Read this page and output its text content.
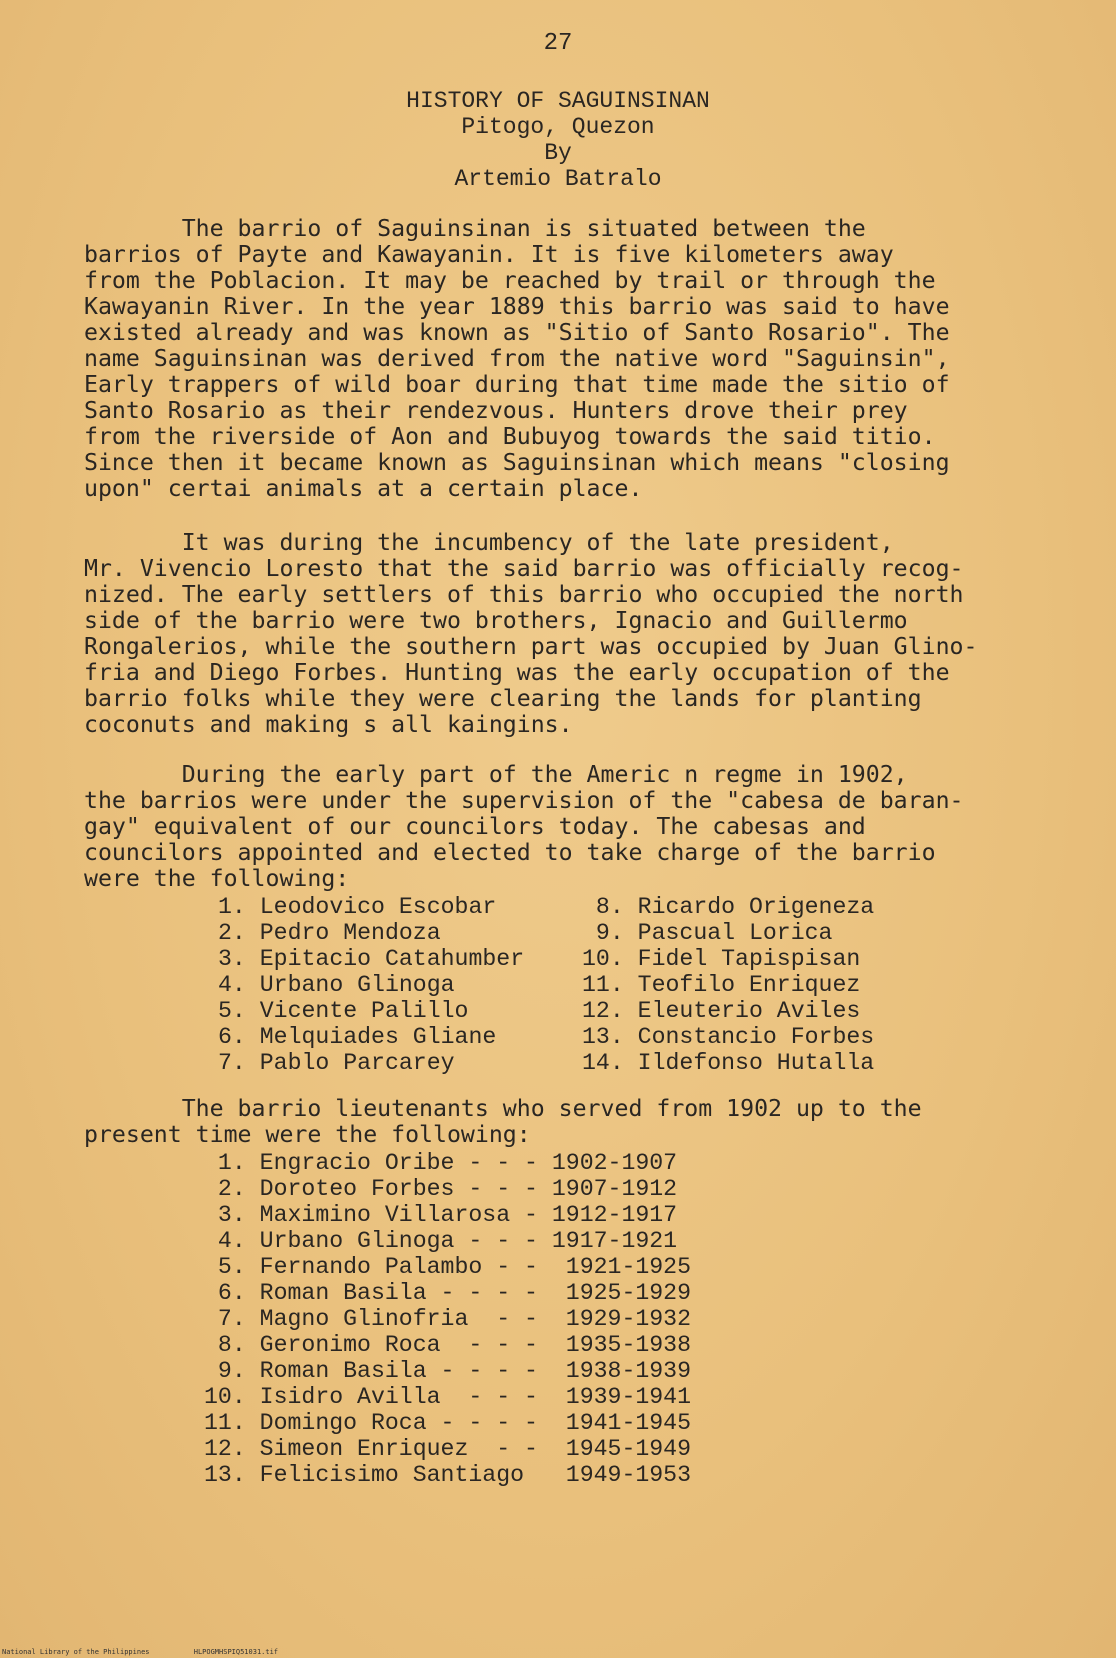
27
HISTORY OF SAGUINSINAN
Pitogo, Quezon
By
Artemio Batralo
The barrio of Saguinsinan is situated between the
barrios of Payte and Kawayanin. It is five kilometers away
from the Poblacion. It may be reached by trail or through the
Kawayanin River. In the year 1889 this barrio was said to have
existed already and was known as "Sitio of Santo Rosario". The
name Saguinsinan was derived from the native word "Saguinsin",
Early trappers of wild boar during that time made the sitio of
Santo Rosario as their rendezvous. Hunters drove their prey
from the riverside of Aon and Bubuyog towards the said titio.
Since then it became known as Saguinsinan which means "closing
upon" certai animals at a certain place.
It was during the incumbency of the late president,
Mr. Vivencio Loresto that the said barrio was officially recog-
nized. The early settlers of this barrio who occupied the north
side of the barrio were two brothers, Ignacio and Guillermo
Rongalerios, while the southern part was occupied by Juan Glino-
fria and Diego Forbes. Hunting was the early occupation of the
barrio folks while they were clearing the lands for planting
coconuts and making s all kaingins.
During the early part of the Americ n regme in 1902,
the barrios were under the supervision of the "cabesa de baran-
gay" equivalent of our councilors today. The cabesas and
councilors appointed and elected to take charge of the barrio
were the following:
1. Leodovico Escobar
2. Pedro Mendoza
3. Epitacio Catahumber
4. Urbano Glinoga
5. Vicente Palillo
6. Melquiades Gliane
7. Pablo Parcarey
8. Ricardo Origeneza
9. Pascual Lorica
10. Fidel Tapispisan
11. Teofilo Enriquez
12. Eleuterio Aviles
13. Constancio Forbes
14. Ildefonso Hutalla
The barrio lieutenants who served from 1902 up to the
present time were the following:
1. Engracio Oribe - - - 1902-1907
2. Doroteo Forbes - - - 1907-1912
3. Maximino Villarosa - 1912-1917
4. Urbano Glinoga - - - 1917-1921
5. Fernando Palambo - -  1921-1925
6. Roman Basila - - - -  1925-1929
7. Magno Glinofria  - -  1929-1932
8. Geronimo Roca  - - -  1935-1938
9. Roman Basila - - - -  1938-1939
10. Isidro Avilla  - - -  1939-1941
11. Domingo Roca - - - -  1941-1945
12. Simeon Enriquez  - -  1945-1949
13. Felicisimo Santiago   1949-1953
National Library of the Philippines	HLPOGMHSPIQ51031.tif
